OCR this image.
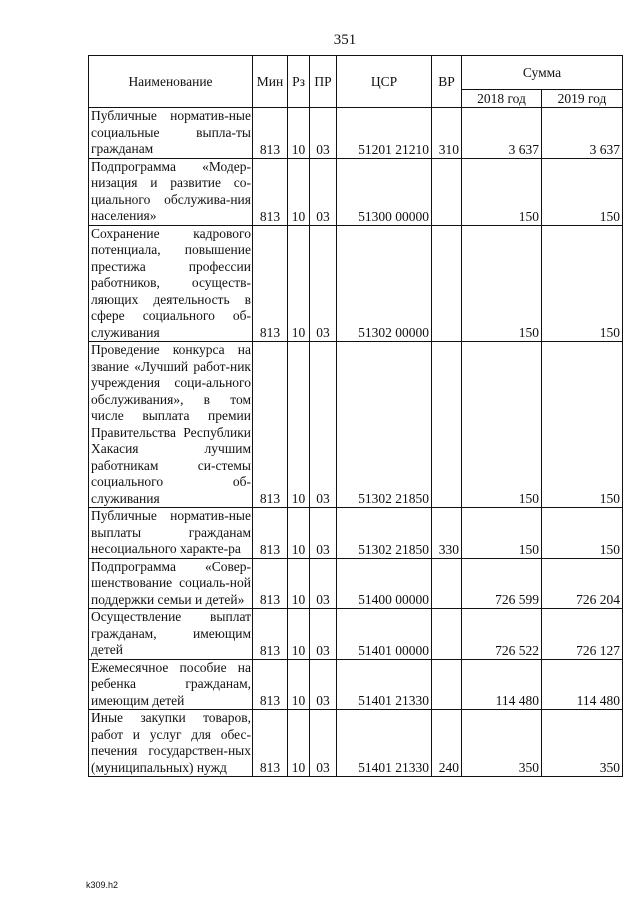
351
Наименование	Мин	Рз	ПР	ЦСР	ВР	Сумма	
						2018 год	2019 год
Публичные норматив-ные социальные выпла-ты гражданам	813	10	03	51201 21210	310	3 637	3 637
Подпрограмма «Модер-низация и развитие со-циального обслужива-ния населения»	813	10	03	51300 00000		150	150
Сохранение кадрового потенциала, повышение престижа профессии работников, осуществ-ляющих деятельность в сфере социального об-служивания	813	10	03	51302 00000		150	150
Проведение конкурса на звание «Лучший работ-ник учреждения соци-ального обслуживания», в том числе выплата премии Правительства Республики Хакасия лучшим работникам си-стемы социального об-служивания	813	10	03	51302 21850		150	150
Публичные норматив-ные выплаты гражданам несоциального характе-ра	813	10	03	51302 21850	330	150	150
Подпрограмма «Совер-шенствование социаль-ной поддержки семьи и детей»	813	10	03	51400 00000		726 599	726 204
Осуществление выплат гражданам, имеющим детей	813	10	03	51401 00000		726 522	726 127
Ежемесячное пособие на ребенка гражданам, имеющим детей	813	10	03	51401 21330		114 480	114 480
Иные закупки товаров, работ и услуг для обес-печения государствен-ных (муниципальных) нужд	813	10	03	51401 21330	240	350	350
k309.h2
